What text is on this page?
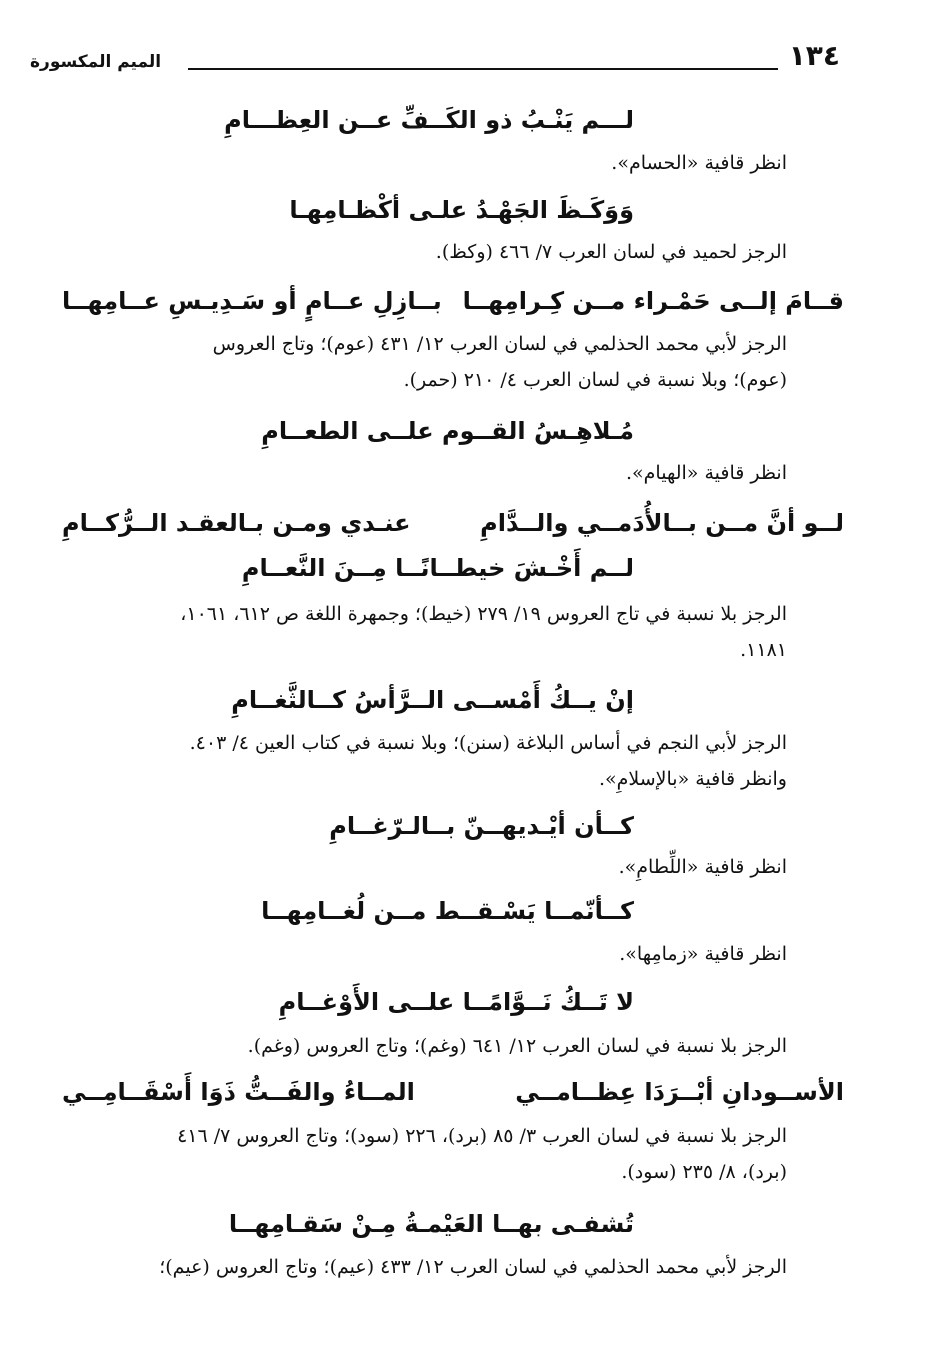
١٣٤
الميم المكسورة
لـــم يَنْـبُ ذو الكَــفِّ عــن العِظـــامِ
انظر قافية «الحسام».
وَوَكَـظَ الجَهْـدُ علـى أكْظـامِهـا
الرجز لحميد في لسان العرب ٧/ ٤٦٦ (وكظ).
قــامَ إلــى حَمْـراء مــن كِـرامِهــا
بــازِلِ عــامٍ أو سَـدِيـسِ عــامِهــا
الرجز لأبي محمد الحذلمي في لسان العرب ١٢/ ٤٣١ (عوم)؛ وتاج العروس
(عوم)؛ وبلا نسبة في لسان العرب ٤/ ٢١٠ (حمر).
مُـلاهِـسُ القــوم علــى الطعــامِ
انظر قافية «الهيام».
لــو أنَّ مــن بــالأُدَمــي والــدَّامِ
عنـدي ومـن بـالعقـد الــرُّكــامِ
لــم أَخْـشَ خيطــانًــا مِــنَ النَّعــامِ
الرجز بلا نسبة في تاج العروس ١٩/ ٢٧٩ (خيط)؛ وجمهرة اللغة ص ٦١٢، ١٠٦١،
١١٨١.
إنْ يــكُ أَمْســى الــرَّأسُ كــالثَّغــامِ
الرجز لأبي النجم في أساس البلاغة (سنن)؛ وبلا نسبة في كتاب العين ٤/ ٤٠٣.
وانظر قافية «بالإسلامِ».
كــأن أيْـديهــنّ بــالـرّغــامِ
انظر قافية «اللِّطامِ».
كــأنّمــا يَسْـقــط مــن لُغــامِهــا
انظر قافية «زمامِها».
لا تَــكُ نَــوَّامًــا علــى الأَوْغــامِ
الرجز بلا نسبة في لسان العرب ١٢/ ٦٤١ (وغم)؛ وتاج العروس (وغم).
الأســودانِ أبْــرَدَا عِظــامــي
المــاءُ والفَــتُّ ذَوَا أَسْقَــامِــي
الرجز بلا نسبة في لسان العرب ٣/ ٨٥ (برد)، ٢٢٦ (سود)؛ وتاج العروس ٧/ ٤١٦
(برد)، ٨/ ٢٣٥ (سود).
تُشفـى بهــا العَيْمـةُ مِـنْ سَقـامِهــا
الرجز لأبي محمد الحذلمي في لسان العرب ١٢/ ٤٣٣ (عيم)؛ وتاج العروس (عيم)؛
